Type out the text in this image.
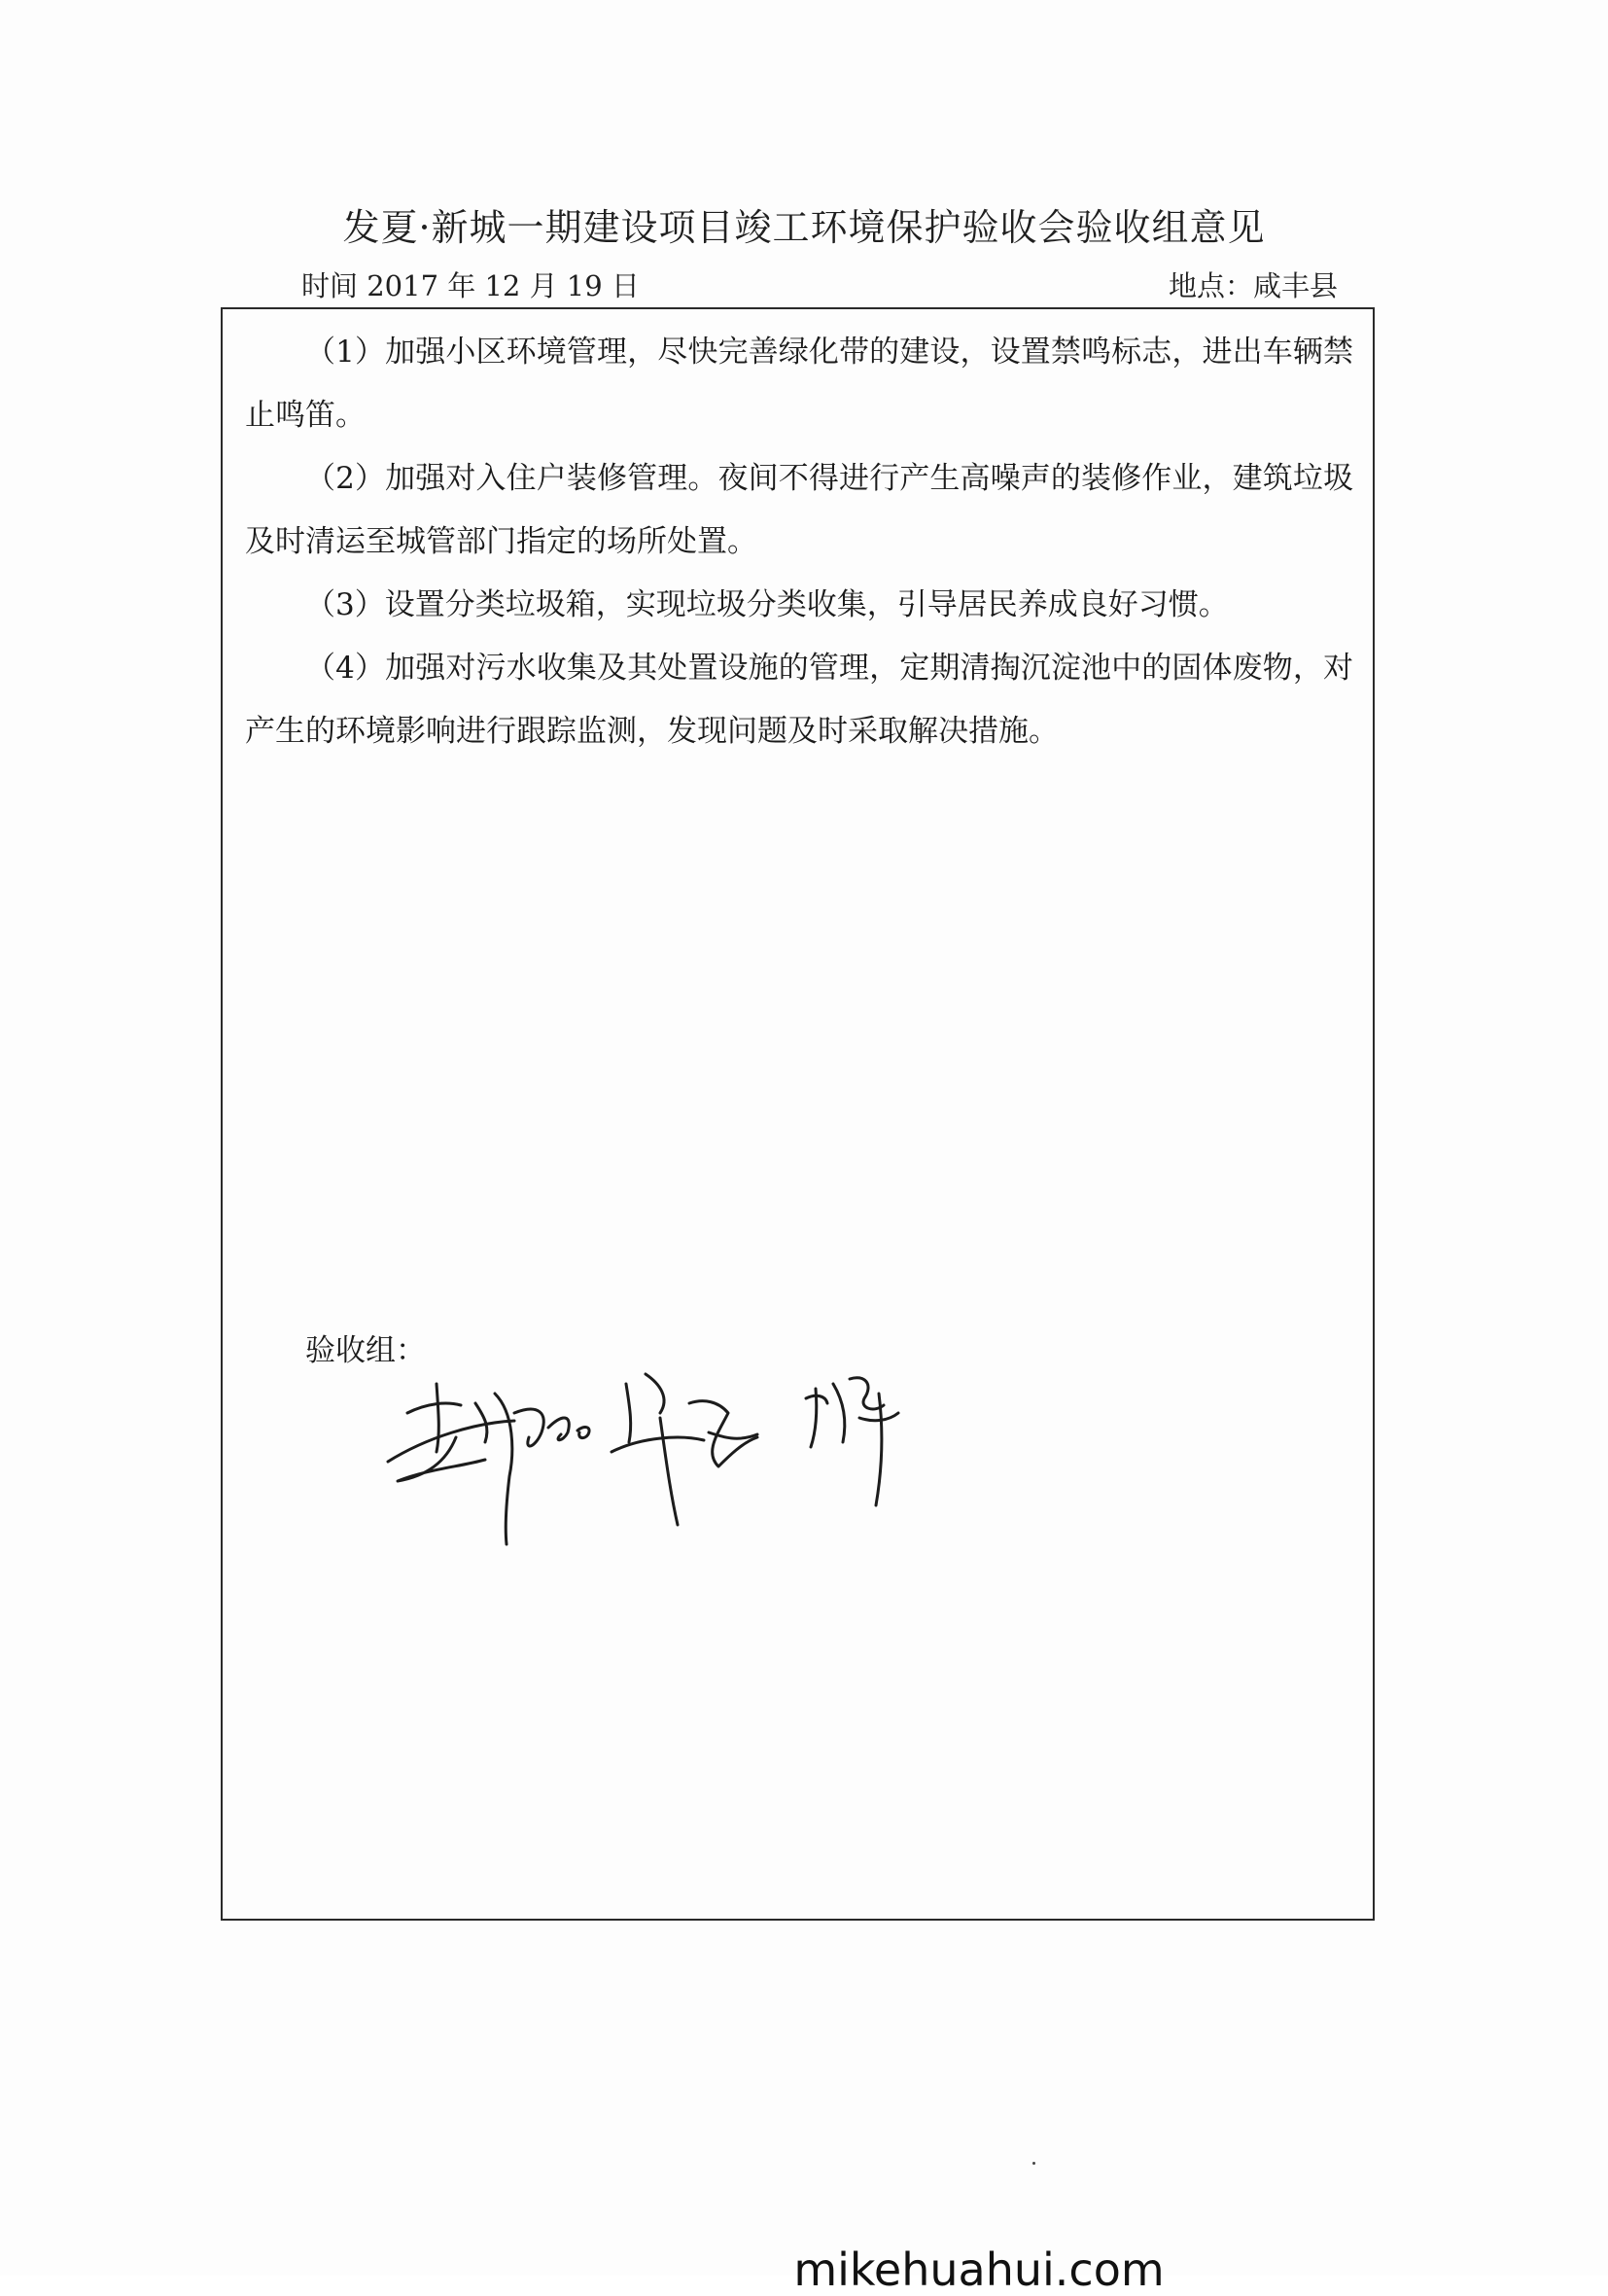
发夏·新城一期建设项目竣工环境保护验收会验收组意见
时间 2017 年 12 月 19 日	地点：咸丰县

（1）加强小区环境管理，尽快完善绿化带的建设，设置禁鸣标志，进出车辆禁止鸣笛。

（2）加强对入住户装修管理。夜间不得进行产生高噪声的装修作业，建筑垃圾及时清运至城管部门指定的场所处置。

（3）设置分类垃圾箱，实现垃圾分类收集，引导居民养成良好习惯。

（4）加强对污水收集及其处置设施的管理，定期清掏沉淀池中的固体废物，对产生的环境影响进行跟踪监测，发现问题及时采取解决措施。

验收组：
mikehuahui.com
